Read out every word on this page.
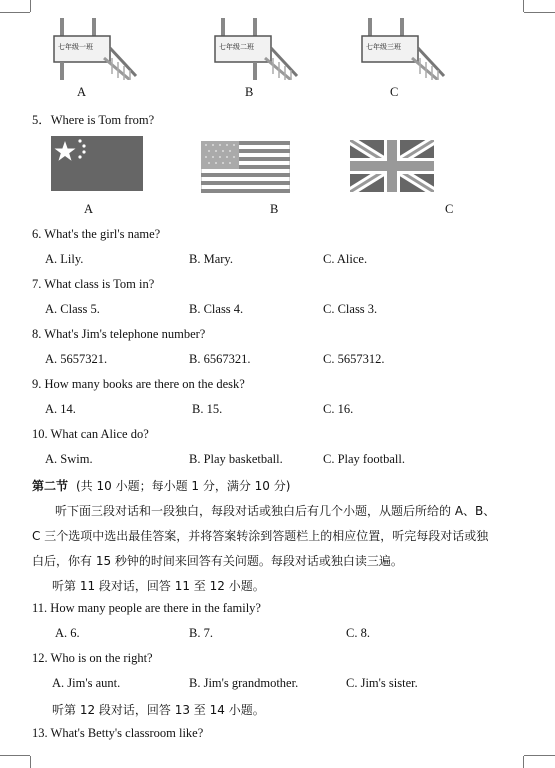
七年级一班	七年级二班	七年级三班
A	B	C
5．Where is Tom from?
A	B	C
6. What's the girl's name?
A. Lily.	B. Mary.	C. Alice.
7. What class is Tom in?
A. Class 5.	B. Class 4.	C. Class 3.
8. What's Jim's telephone number?
A. 5657321.	B. 6567321.	C. 5657312.
9. How many books are there on the desk?
A. 14.	B. 15.	C. 16.
10. What can Alice do?
A. Swim.	B. Play basketball.	C. Play football.
第二节 (共 10 小题；每小题 1 分，满分 10 分)
听下面三段对话和一段独白，每段对话或独白后有几个小题，从题后所给的 A、B、
C 三个选项中选出最佳答案，并将答案转涂到答题栏上的相应位置，听完每段对话或独
白后，你有 15 秒钟的时间来回答有关问题。每段对话或独白读三遍。
听第 11 段对话，回答 11 至 12 小题。
11. How many people are there in the family?
A. 6.	B. 7.	C. 8.
12. Who is on the right?
A. Jim's aunt.	B. Jim's grandmother.	C. Jim's sister.
听第 12 段对话，回答 13 至 14 小题。
13. What's Betty's classroom like?
